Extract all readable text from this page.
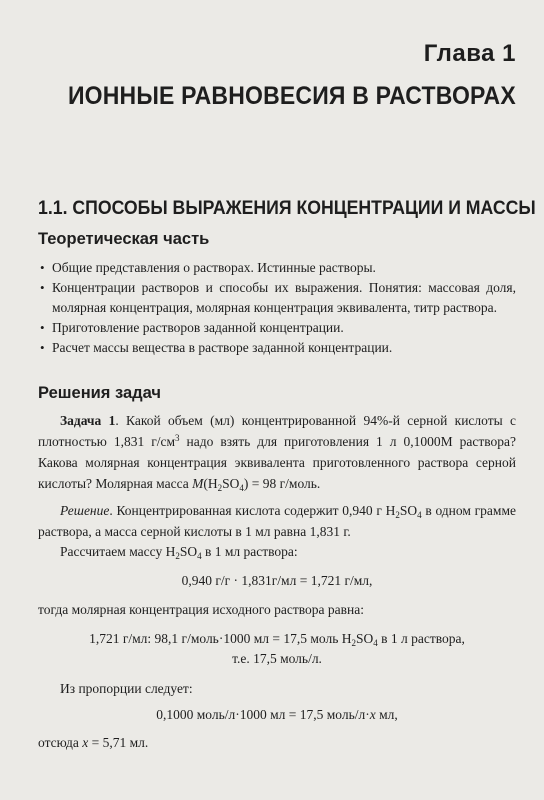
Глава 1
ИОННЫЕ РАВНОВЕСИЯ В РАСТВОРАХ
1.1. СПОСОБЫ ВЫРАЖЕНИЯ КОНЦЕНТРАЦИИ И МАССЫ
Теоретическая часть
• Общие представления о растворах. Истинные растворы.
• Концентрации растворов и способы их выражения. Понятия: массовая доля, молярная концентрация, молярная концентрация эквивалента, титр раствора.
• Приготовление растворов заданной концентрации.
• Расчет массы вещества в растворе заданной концентрации.
Решения задач
Задача 1. Какой объем (мл) концентрированной 94%-й серной кислоты с плотностью 1,831 $г/см^3$ надо взять для приготовления 1 л 0,1000М раствора? Какова молярная концентрация эквивалента приготовленного раствора серной кислоты? Молярная масса $M(H_2SO_4) = 98$ г/моль.
Решение. Концентрированная кислота содержит 0,940 г $H_2SO_4$ в одном грамме раствора, а масса серной кислоты в 1 мл равна 1,831 г.
Рассчитаем массу $H_2SO_4$ в 1 мл раствора:
0,940 г/г · 1,831г/мл = 1,721 г/мл,
тогда молярная концентрация исходного раствора равна:
1,721 г/мл: 98,1 г/моль·1000 мл = 17,5 моль $H_2SO_4$ в 1 л раствора,
т.е. 17,5 моль/л.
Из пропорции следует:
0,1000 моль/л·1000 мл = 17,5 моль/л·x мл,
отсюда x = 5,71 мл.
